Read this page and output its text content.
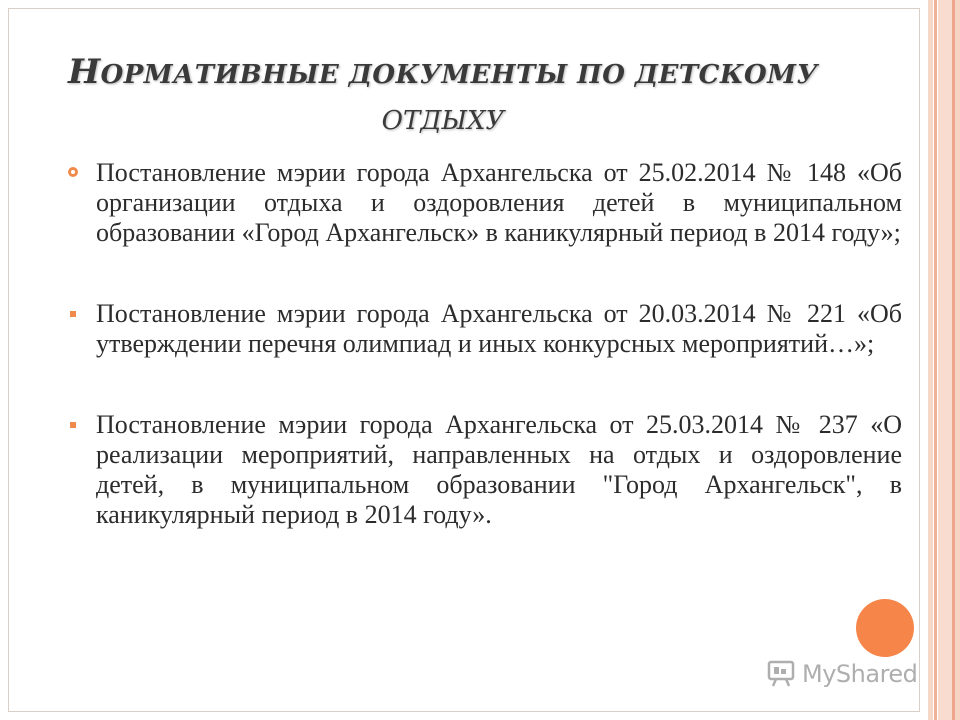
НОРМАТИВНЫЕ ДОКУМЕНТЫ ПО ДЕТСКОМУ
ОТДЫХУ
Постановление мэрии города Архангельска от 25.02.2014 № 148 «Об организации отдыха и оздоровления детей в муниципальном образовании «Город Архангельск» в каникулярный период в 2014 году»;
Постановление мэрии города Архангельска от 20.03.2014 № 221 «Об утверждении перечня олимпиад и иных конкурсных мероприятий…»;
Постановление мэрии города Архангельска от 25.03.2014 № 237 «О реализации мероприятий, направленных на отдых и оздоровление детей, в муниципальном образовании "Город Архангельск", в каникулярный период в 2014 году».
MyShared
